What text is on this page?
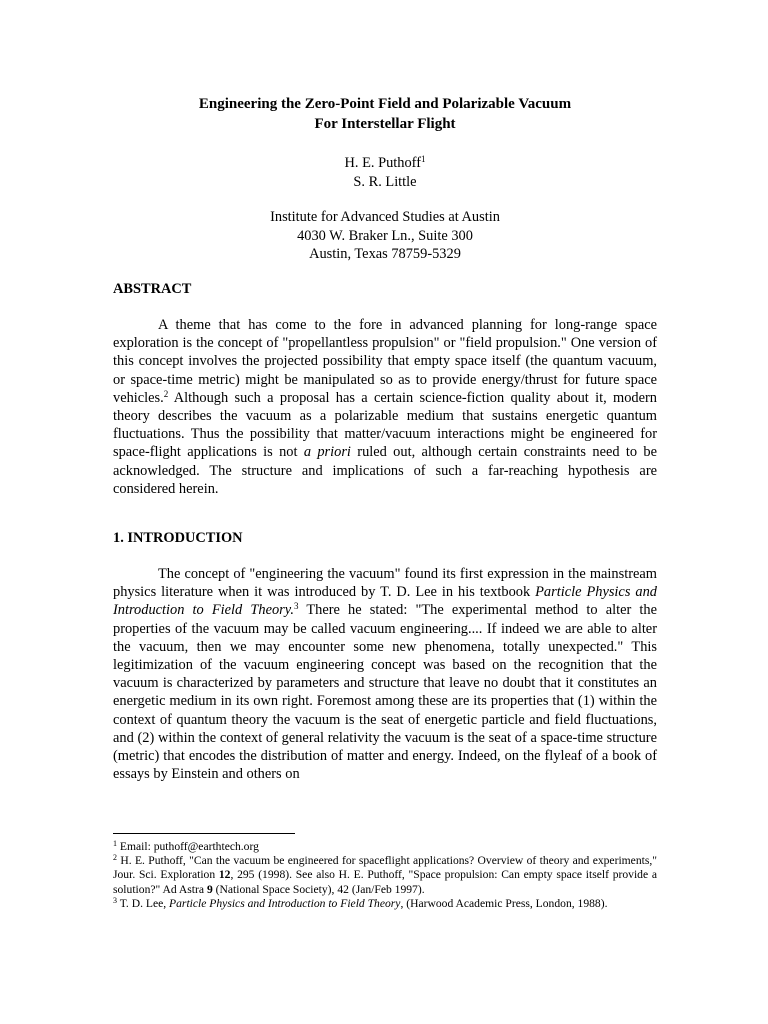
Engineering the Zero-Point Field and Polarizable Vacuum
For Interstellar Flight
H. E. Puthoff$^1$
S. R. Little
Institute for Advanced Studies at Austin
4030 W. Braker Ln., Suite 300
Austin, Texas 78759-5329
ABSTRACT
A theme that has come to the fore in advanced planning for long-range space exploration is the concept of "propellantless propulsion" or "field propulsion." One version of this concept involves the projected possibility that empty space itself (the quantum vacuum, or space-time metric) might be manipulated so as to provide energy/thrust for future space vehicles.$^2$ Although such a proposal has a certain science-fiction quality about it, modern theory describes the vacuum as a polarizable medium that sustains energetic quantum fluctuations. Thus the possibility that matter/vacuum interactions might be engineered for space-flight applications is not a priori ruled out, although certain constraints need to be acknowledged. The structure and implications of such a far-reaching hypothesis are considered herein.
1. INTRODUCTION
The concept of "engineering the vacuum" found its first expression in the mainstream physics literature when it was introduced by T. D. Lee in his textbook Particle Physics and Introduction to Field Theory.$^3$ There he stated: "The experimental method to alter the properties of the vacuum may be called vacuum engineering.... If indeed we are able to alter the vacuum, then we may encounter some new phenomena, totally unexpected." This legitimization of the vacuum engineering concept was based on the recognition that the vacuum is characterized by parameters and structure that leave no doubt that it constitutes an energetic medium in its own right. Foremost among these are its properties that (1) within the context of quantum theory the vacuum is the seat of energetic particle and field fluctuations, and (2) within the context of general relativity the vacuum is the seat of a space-time structure (metric) that encodes the distribution of matter and energy. Indeed, on the flyleaf of a book of essays by Einstein and others on

$^1$ Email: puthoff@earthtech.org

$^2$ H. E. Puthoff, "Can the vacuum be engineered for spaceflight applications? Overview of theory and experiments," Jour. Sci. Exploration 12, 295 (1998). See also H. E. Puthoff, "Space propulsion: Can empty space itself provide a solution?" Ad Astra 9 (National Space Society), 42 (Jan/Feb 1997).

$^3$ T. D. Lee, Particle Physics and Introduction to Field Theory, (Harwood Academic Press, London, 1988).
